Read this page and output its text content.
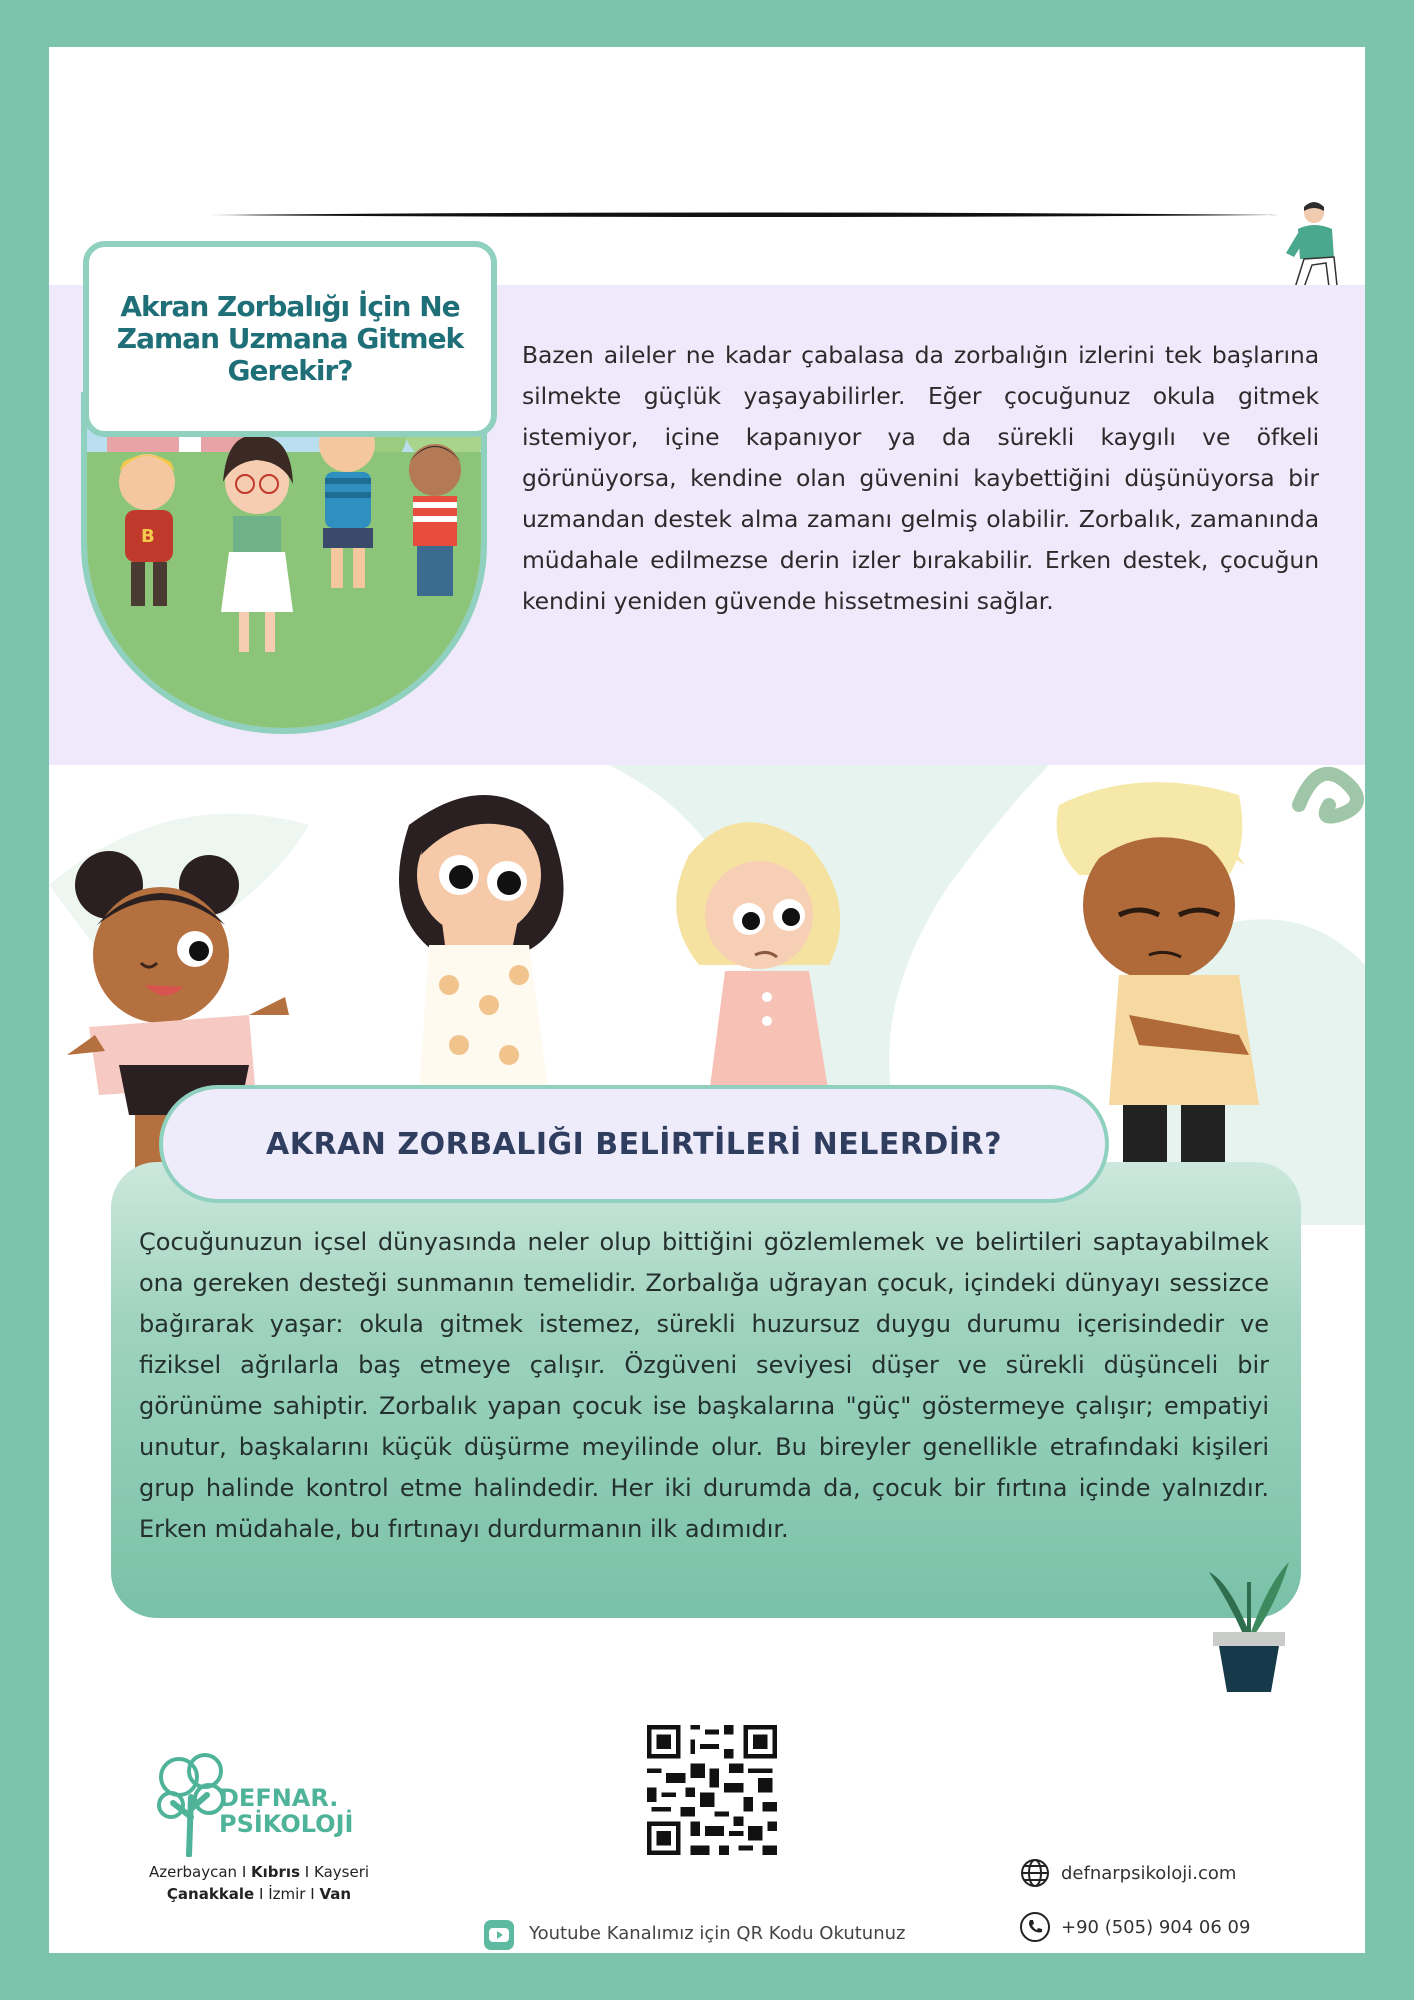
Akran Zorbalığı İçin Ne Zaman Uzmana Gitmek Gerekir?
B

Bazen aileler ne kadar çabalasa da zorbalığın izlerini tek başlarına silmekte güçlük yaşayabilirler. Eğer çocuğunuz okula gitmek istemiyor, içine kapanıyor ya da sürekli kaygılı ve öfkeli görünüyorsa, kendine olan güvenini kaybettiğini düşünüyorsa bir uzmandan destek alma zamanı gelmiş olabilir. Zorbalık, zamanında müdahale edilmezse derin izler bırakabilir. Erken destek, çocuğun kendini yeniden güvende hissetmesini sağlar.

AKRAN ZORBALIĞI BELİRTİLERİ NELERDİR?

Çocuğunuzun içsel dünyasında neler olup bittiğini gözlemlemek ve belirtileri saptayabilmek ona gereken desteği sunmanın temelidir. Zorbalığa uğrayan çocuk, içindeki dünyayı sessizce bağırarak yaşar: okula gitmek istemez, sürekli huzursuz duygu durumu içerisindedir ve fiziksel ağrılarla baş etmeye çalışır. Özgüveni seviyesi düşer ve sürekli düşünceli bir görünüme sahiptir. Zorbalık yapan çocuk ise başkalarına "güç" göstermeye çalışır; empatiyi unutur, başkalarını küçük düşürme meyilinde olur. Bu bireyler genellikle etrafındaki kişileri grup halinde kontrol etme halindedir. Her iki durumda da, çocuk bir fırtına içinde yalnızdır. Erken müdahale, bu fırtınayı durdurmanın ilk adımıdır.

DEFNAR.
PSİKOLOJİ
Azerbaycan I Kıbrıs I Kayseri
Çanakkale I İzmir I Van
Youtube Kanalımız için QR Kodu Okutunuz
defnarpsikoloji.com
+90 (505) 904 06 09
